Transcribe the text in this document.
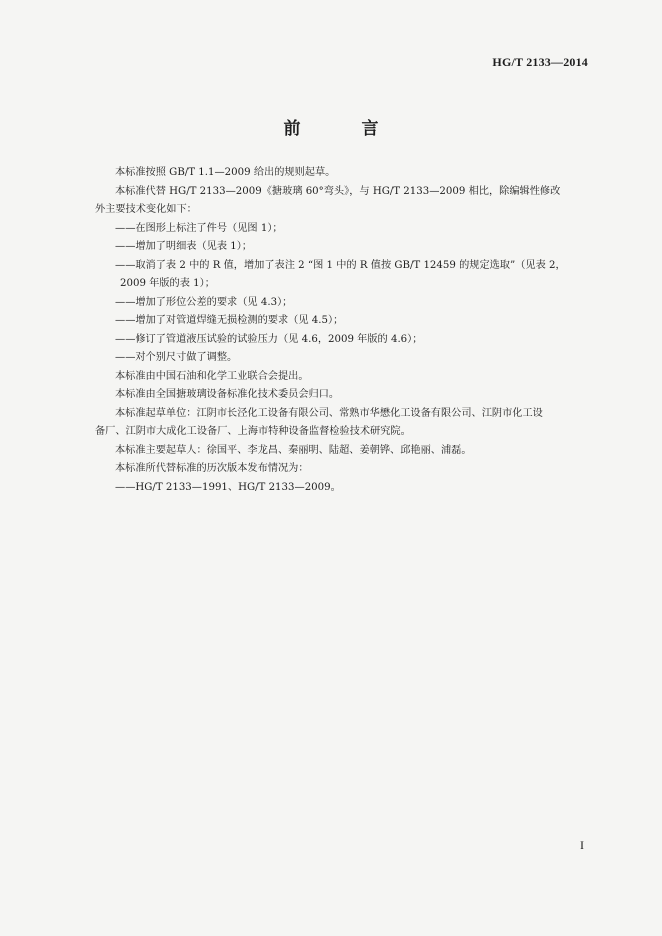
HG/T 2133—2014
前　言
本标准按照 GB/T 1.1—2009 给出的规则起草。
本标准代替 HG/T 2133—2009《搪玻璃 60°弯头》，与 HG/T 2133—2009 相比，除编辑性修改
外主要技术变化如下：
——在图形上标注了件号（见图 1）；
——增加了明细表（见表 1）；
——取消了表 2 中的 R 值，增加了表注 2 “图 1 中的 R 值按 GB/T 12459 的规定选取”（见表 2，
2009 年版的表 1）；
——增加了形位公差的要求（见 4.3）；
——增加了对管道焊缝无损检测的要求（见 4.5）；
——修订了管道液压试验的试验压力（见 4.6，2009 年版的 4.6）；
——对个别尺寸做了调整。
本标准由中国石油和化学工业联合会提出。
本标准由全国搪玻璃设备标准化技术委员会归口。
本标准起草单位：江阴市长泾化工设备有限公司、常熟市华懋化工设备有限公司、江阴市化工设
备厂、江阴市大成化工设备厂、上海市特种设备监督检验技术研究院。
本标准主要起草人：徐国平、李龙昌、秦丽明、陆超、姜朝铧、邱艳丽、浦磊。
本标准所代替标准的历次版本发布情况为：
——HG/T 2133—1991、HG/T 2133—2009。
I
